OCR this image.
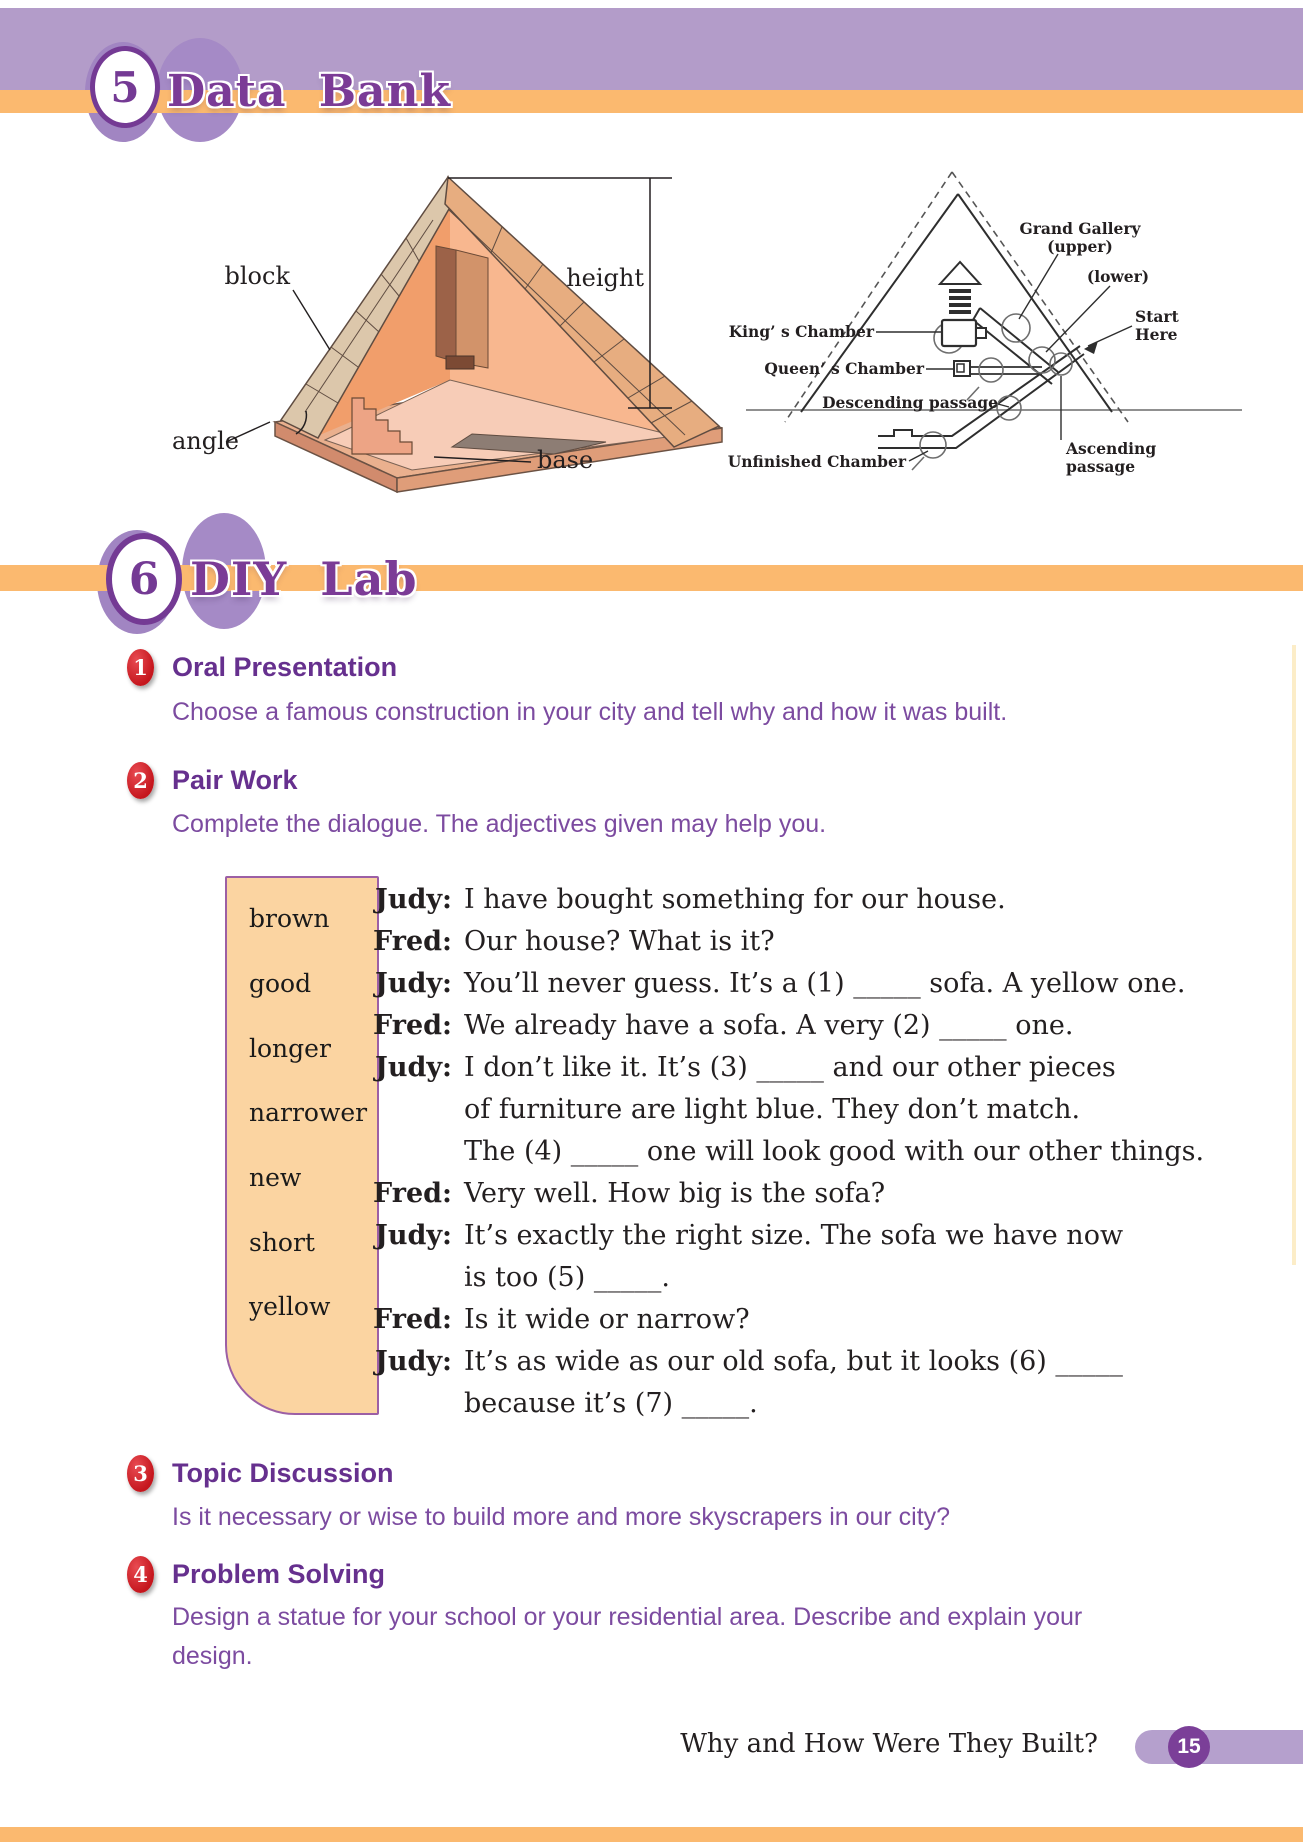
5 Data Bank
block	height
angle
base
Grand Gallery
(upper)
(lower)
King’ s Chamber
Queen’ s Chamber
Descending passage
Unfinished Chamber
Ascending
passage
Start
Here
6 DIY Lab
1 Oral Presentation
Choose a famous construction in your city and tell why and how it was built.
2 Pair Work
Complete the dialogue. The adjectives given may help you.
brown
good
longer
narrower
new
short
yellow
Judy: I have bought something for our house.
Fred: Our house? What is it?
Judy: You’ll never guess. It’s a (1) _____ sofa. A yellow one.
Fred: We already have a sofa. A very (2) _____ one.
Judy: I don’t like it. It’s (3) _____ and our other pieces
of furniture are light blue. They don’t match.
The (4) _____ one will look good with our other things.
Fred: Very well. How big is the sofa?
Judy: It’s exactly the right size. The sofa we have now
is too (5) _____.
Fred: Is it wide or narrow?
Judy: It’s as wide as our old sofa, but it looks (6) _____
because it’s (7) _____.
3 Topic Discussion
Is it necessary or wise to build more and more skyscrapers in our city?
4 Problem Solving
Design a statue for your school or your residential area. Describe and explain your design.
Why and How Were They Built?	15
